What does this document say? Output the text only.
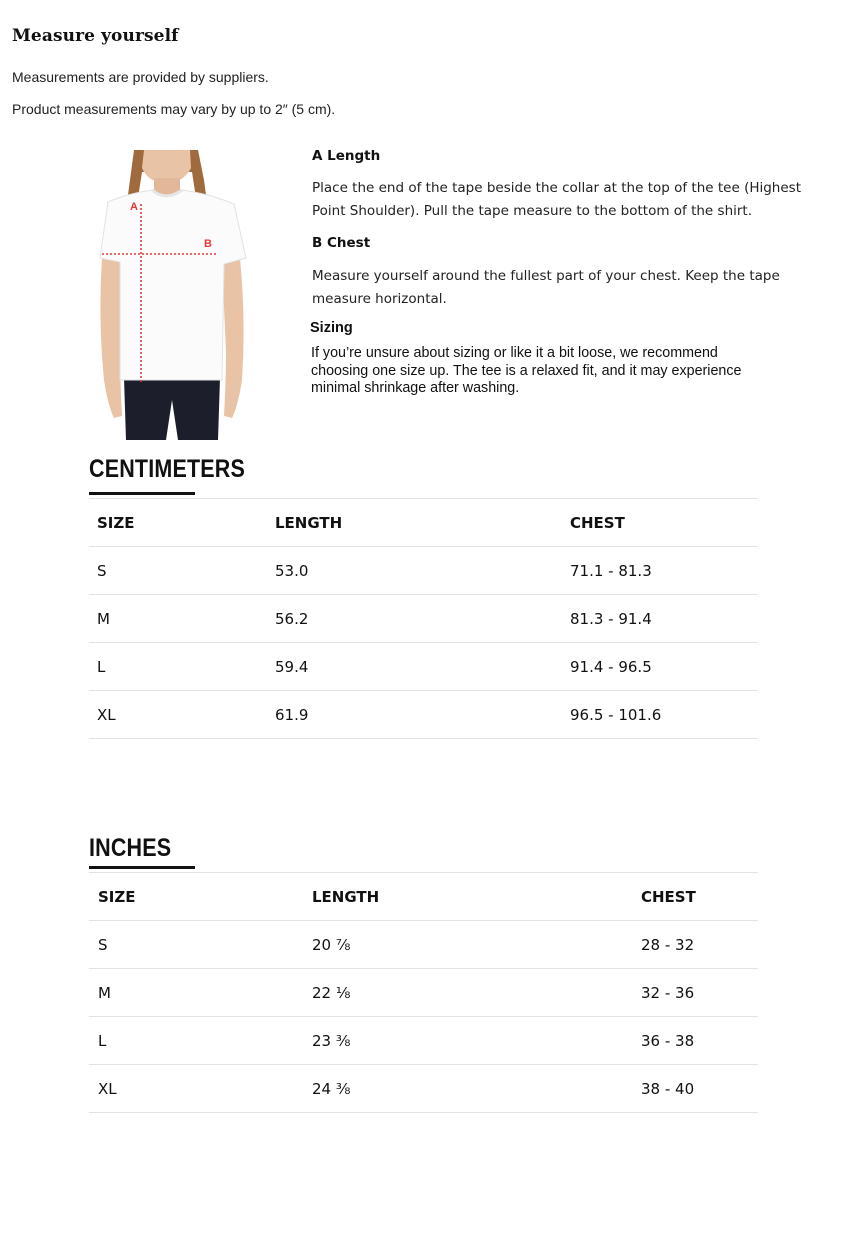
Measure yourself
Measurements are provided by suppliers.
Product measurements may vary by up to 2″ (5 cm).
A
B
A Length

Place the end of the tape beside the collar at the top of the tee (Highest Point Shoulder). Pull the tape measure to the bottom of the shirt.

B Chest

Measure yourself around the fullest part of your chest. Keep the tape measure horizontal.

Sizing
If you’re unsure about sizing or like it a bit loose, we recommend choosing one size up. The tee is a relaxed fit, and it may experience minimal shrinkage after washing.
CENTIMETERS
SIZE	LENGTH	CHEST
S	53.0	71.1 - 81.3
M	56.2	81.3 - 91.4
L	59.4	91.4 - 96.5
XL	61.9	96.5 - 101.6
INCHES
SIZE	LENGTH	CHEST
S	20 ⅞	28 - 32
M	22 ⅛	32 - 36
L	23 ⅜	36 - 38
XL	24 ⅜	38 - 40
